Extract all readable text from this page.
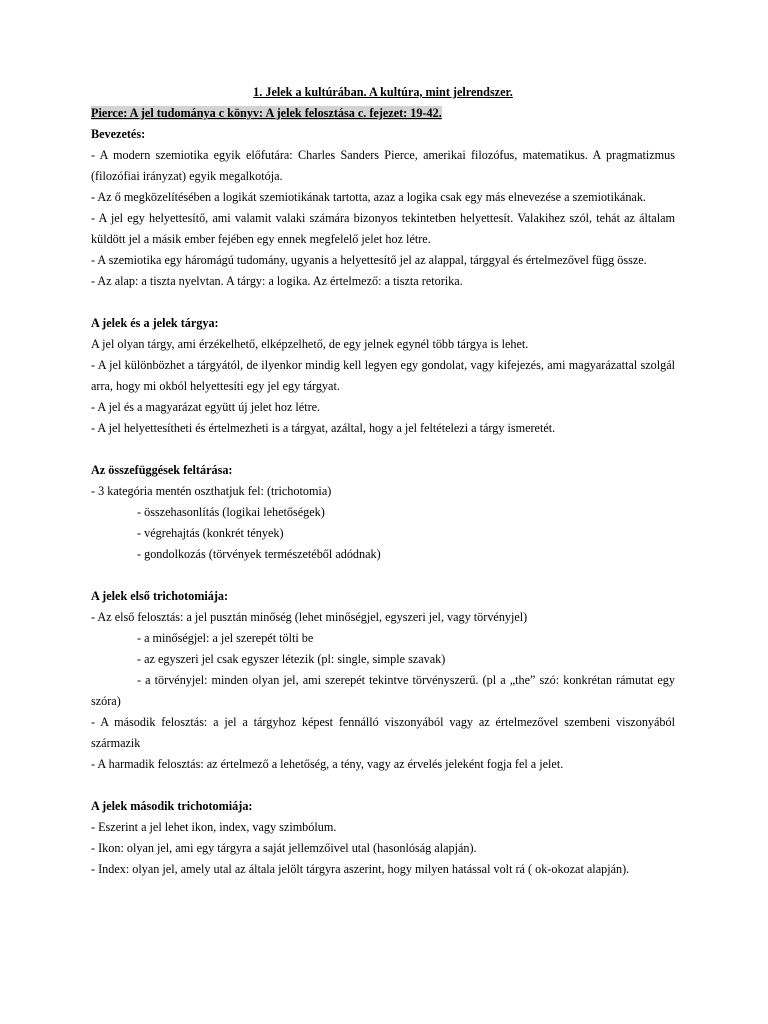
1. Jelek a kultúrában. A kultúra, mint jelrendszer.
Pierce: A jel tudománya c könyv: A jelek felosztása c. fejezet: 19-42.
Bevezetés:
- A modern szemiotika egyik előfutára: Charles Sanders Pierce, amerikai filozófus, matematikus. A pragmatizmus (filozófiai irányzat) egyik megalkotója.
- Az ő megközelítésében a logikát szemiotikának tartotta, azaz a logika csak egy más elnevezése a szemiotikának.
- A jel egy helyettesítő, ami valamit valaki számára bizonyos tekintetben helyettesít. Valakihez szól, tehát az általam küldött jel a másik ember fejében egy ennek megfelelő jelet hoz létre.
- A szemiotika egy háromágú tudomány, ugyanis a helyettesítő jel az alappal, tárggyal és értelmezővel függ össze.
- Az alap: a tiszta nyelvtan. A tárgy: a logika. Az értelmező: a tiszta retorika.
A jelek és a jelek tárgya:
A jel olyan tárgy, ami érzékelhető, elképzelhető, de egy jelnek egynél több tárgya is lehet.
- A jel különbözhet a tárgyától, de ilyenkor mindig kell legyen egy gondolat, vagy kifejezés, ami magyarázattal szolgál arra, hogy mi okból helyettesíti egy jel egy tárgyat.
- A jel és a magyarázat együtt új jelet hoz létre.
- A jel helyettesítheti és értelmezheti is a tárgyat, azáltal, hogy a jel feltételezi a tárgy ismeretét.
Az összefüggések feltárása:
- 3 kategória mentén oszthatjuk fel: (trichotomia)
- összehasonlítás (logikai lehetőségek)
- végrehajtás (konkrét tények)
- gondolkozás (törvények természetéből adódnak)
A jelek első trichotomiája:
- Az első felosztás: a jel pusztán minőség (lehet minőségjel, egyszeri jel, vagy törvényjel)
- a minőségjel: a jel szerepét tölti be
- az egyszeri jel csak egyszer létezik (pl: single, simple szavak)
- a törvényjel: minden olyan jel, ami szerepét tekintve törvényszerű. (pl a „the” szó: konkrétan rámutat egy szóra)
- A második felosztás: a jel a tárgyhoz képest fennálló viszonyából vagy az értelmezővel szembeni viszonyából származik
- A harmadik felosztás: az értelmező a lehetőség, a tény, vagy az érvelés jeleként fogja fel a jelet.
A jelek második trichotomiája:
- Eszerint a jel lehet ikon, index, vagy szimbólum.
- Ikon: olyan jel, ami egy tárgyra a saját jellemzőivel utal (hasonlóság alapján).
- Index: olyan jel, amely utal az általa jelölt tárgyra aszerint, hogy milyen hatással volt rá ( ok-okozat alapján).
